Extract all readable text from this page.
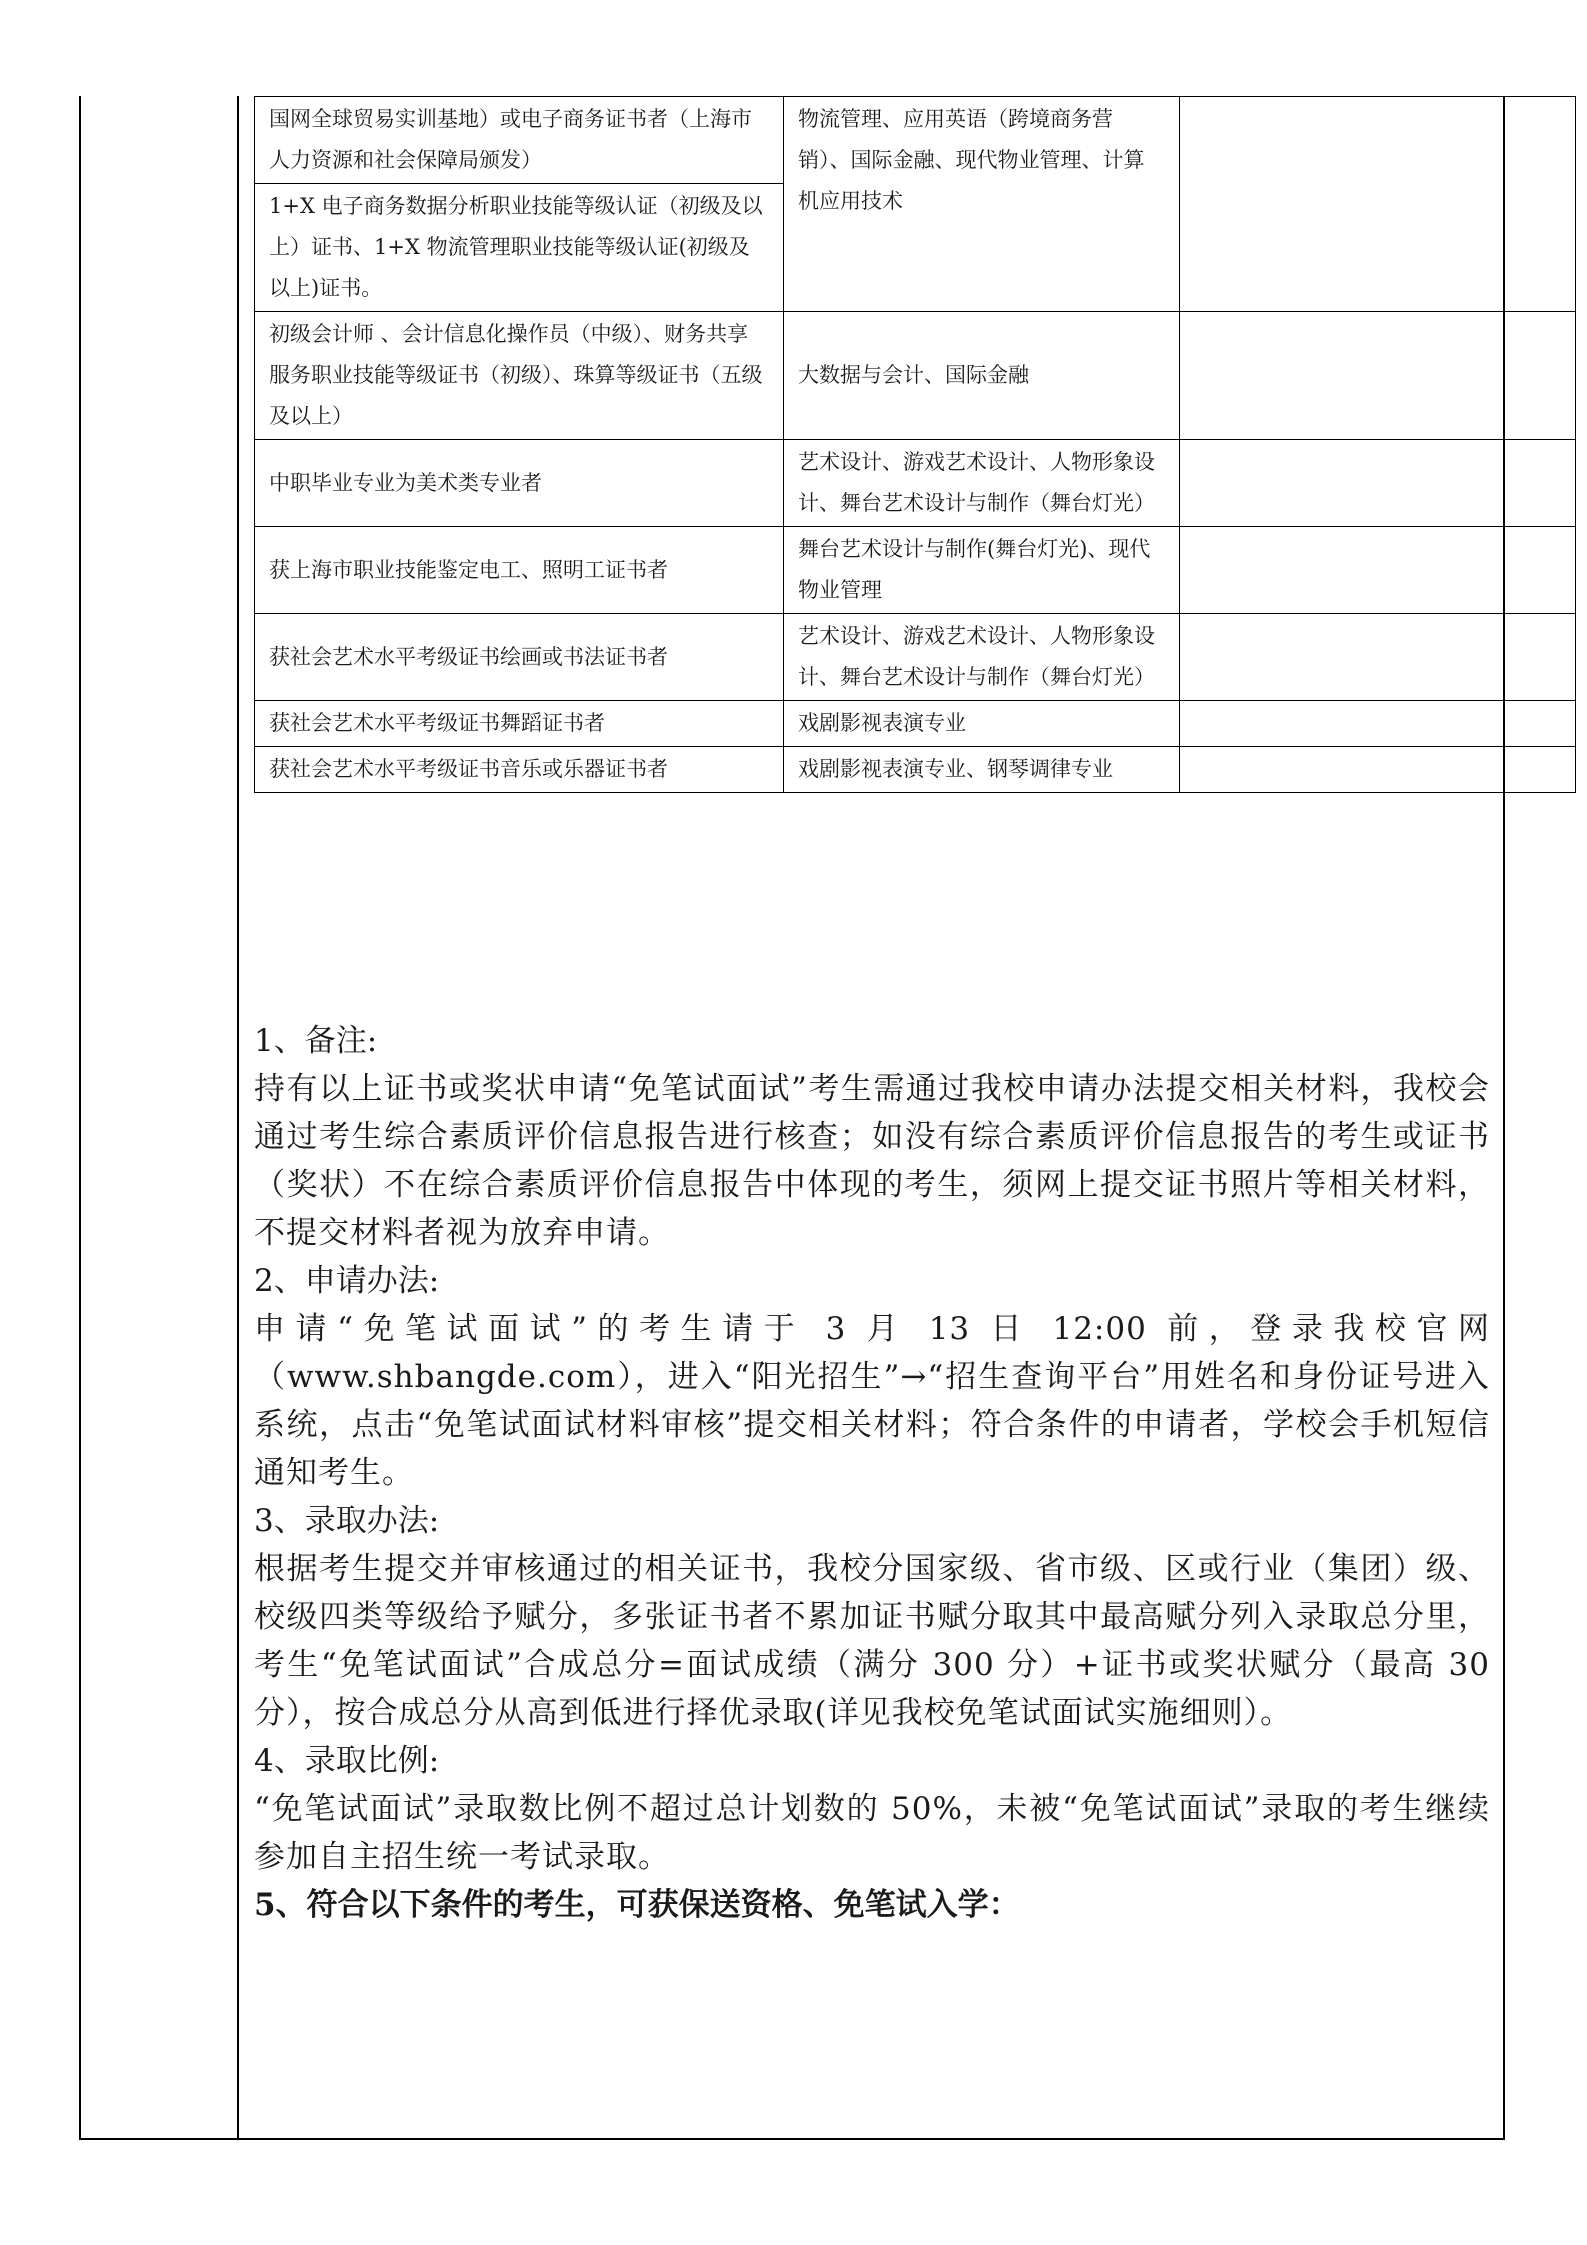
国网全球贸易实训基地）或电子商务证书者（上海市人力资源和社会保障局颁发）	物流管理、应用英语（跨境商务营销）、国际金融、现代物业管理、计算机应用技术	
1+X 电子商务数据分析职业技能等级认证（初级及以上）证书、1+X 物流管理职业技能等级认证(初级及以上)证书。		
初级会计师 、会计信息化操作员（中级）、财务共享服务职业技能等级证书（初级）、珠算等级证书（五级及以上）	大数据与会计、国际金融	
中职毕业专业为美术类专业者	艺术设计、游戏艺术设计、人物形象设计、舞台艺术设计与制作（舞台灯光）	
获上海市职业技能鉴定电工、照明工证书者	舞台艺术设计与制作(舞台灯光)、现代物业管理	
获社会艺术水平考级证书绘画或书法证书者	艺术设计、游戏艺术设计、人物形象设计、舞台艺术设计与制作（舞台灯光）	
获社会艺术水平考级证书舞蹈证书者	戏剧影视表演专业	
获社会艺术水平考级证书音乐或乐器证书者	戏剧影视表演专业、钢琴调律专业	

1、备注:

持有以上证书或奖状申请“免笔试面试”考生需通过我校申请办法提交相关材料，我校会通过考生综合素质评价信息报告进行核查；如没有综合素质评价信息报告的考生或证书（奖状）不在综合素质评价信息报告中体现的考生，须网上提交证书照片等相关材料，不提交材料者视为放弃申请。

2、申请办法:

申请“免笔试面试”的考生请于 3 月 13 日 12:00 前，登录我校官网（www.shbangde.com），进入“阳光招生”→“招生查询平台”用姓名和身份证号进入系统，点击“免笔试面试材料审核”提交相关材料；符合条件的申请者，学校会手机短信通知考生。

3、录取办法:

根据考生提交并审核通过的相关证书，我校分国家级、省市级、区或行业（集团）级、校级四类等级给予赋分，多张证书者不累加证书赋分取其中最高赋分列入录取总分里，考生“免笔试面试”合成总分=面试成绩（满分 300 分）+证书或奖状赋分（最高 30 分），按合成总分从高到低进行择优录取(详见我校免笔试面试实施细则）。

4、录取比例:

“免笔试面试”录取数比例不超过总计划数的 50%，未被“免笔试面试”录取的考生继续参加自主招生统一考试录取。

5、符合以下条件的考生，可获保送资格、免笔试入学：
